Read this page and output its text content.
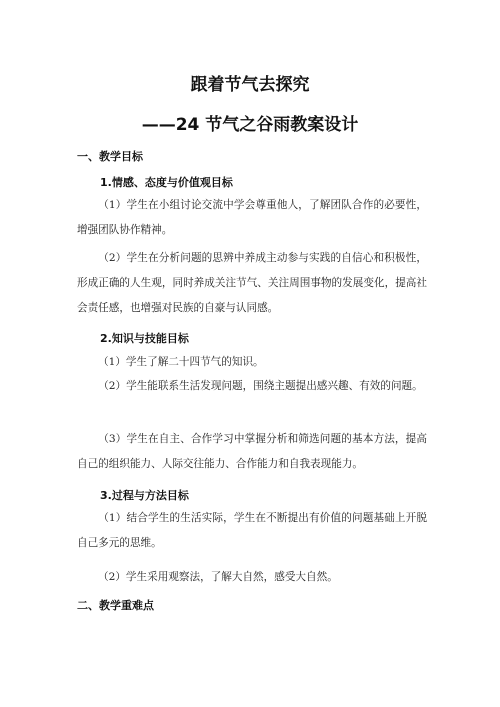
跟着节气去探究
——24 节气之谷雨教案设计
一、教学目标
1.情感、态度与价值观目标
（1）学生在小组讨论交流中学会尊重他人，了解团队合作的必要性，增强团队协作精神。
（2）学生在分析问题的思辨中养成主动参与实践的自信心和积极性，形成正确的人生观，同时养成关注节气、关注周围事物的发展变化，提高社会责任感，也增强对民族的自豪与认同感。
2.知识与技能目标
（1）学生了解二十四节气的知识。
（2）学生能联系生活发现问题，围绕主题提出感兴趣、有效的问题。
（3）学生在自主、合作学习中掌握分析和筛选问题的基本方法，提高自己的组织能力、人际交往能力、合作能力和自我表现能力。
3.过程与方法目标
（1）结合学生的生活实际，学生在不断提出有价值的问题基础上开脱自己多元的思维。
（2）学生采用观察法，了解大自然，感受大自然。
二、教学重难点
